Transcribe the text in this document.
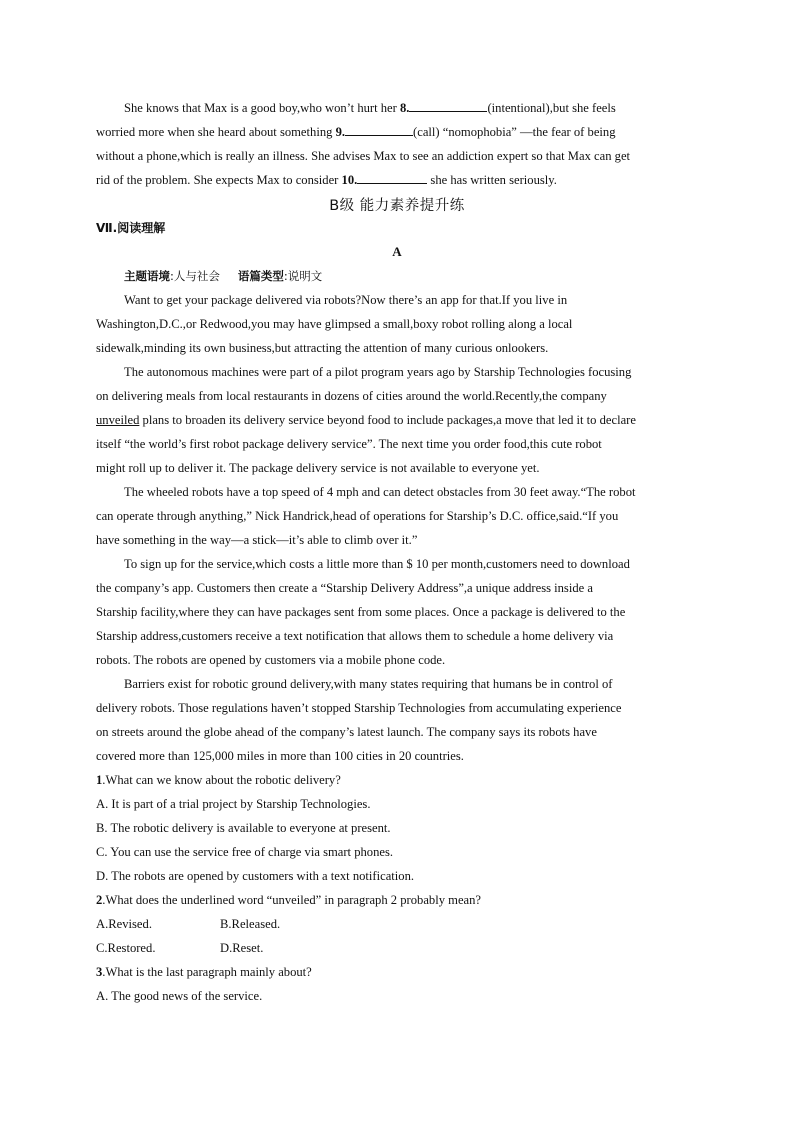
She knows that Max is a good boy,who won’t hurt her 8.	(intentional),but she feels
worried more when she heard about something 9.	(call) “nomophobia” —the fear of being
without a phone,which is really an illness. She advises Max to see an addiction expert so that Max can get
rid of the problem. She expects Max to consider 10.	she has written seriously.
B级 能力素养提升练
Ⅶ.阅读理解
A
主题语境:人与社会 语篇类型:说明文
Want to get your package delivered via robots?Now there’s an app for that.If you live in
Washington,D.C.,or Redwood,you may have glimpsed a small,boxy robot rolling along a local
sidewalk,minding its own business,but attracting the attention of many curious onlookers.
The autonomous machines were part of a pilot program years ago by Starship Technologies focusing
on delivering meals from local restaurants in dozens of cities around the world.Recently,the company
unveiled plans to broaden its delivery service beyond food to include packages,a move that led it to declare
itself “the world’s first robot package delivery service”. The next time you order food,this cute robot
might roll up to deliver it. The package delivery service is not available to everyone yet.
The wheeled robots have a top speed of 4 mph and can detect obstacles from 30 feet away.“The robot
can operate through anything,” Nick Handrick,head of operations for Starship’s D.C. office,said.“If you
have something in the way—a stick—it’s able to climb over it.”
To sign up for the service,which costs a little more than $ 10 per month,customers need to download
the company’s app. Customers then create a “Starship Delivery Address”,a unique address inside a
Starship facility,where they can have packages sent from some places. Once a package is delivered to the
Starship address,customers receive a text notification that allows them to schedule a home delivery via
robots. The robots are opened by customers via a mobile phone code.
Barriers exist for robotic ground delivery,with many states requiring that humans be in control of
delivery robots. Those regulations haven’t stopped Starship Technologies from accumulating experience
on streets around the globe ahead of the company’s latest launch. The company says its robots have
covered more than 125,000 miles in more than 100 cities in 20 countries.
1.What can we know about the robotic delivery?
A. It is part of a trial project by Starship Technologies.
B. The robotic delivery is available to everyone at present.
C. You can use the service free of charge via smart phones.
D. The robots are opened by customers with a text notification.
2.What does the underlined word “unveiled” in paragraph 2 probably mean?
A.Revised.	B.Released.
C.Restored.	D.Reset.
3.What is the last paragraph mainly about?
A. The good news of the service.
